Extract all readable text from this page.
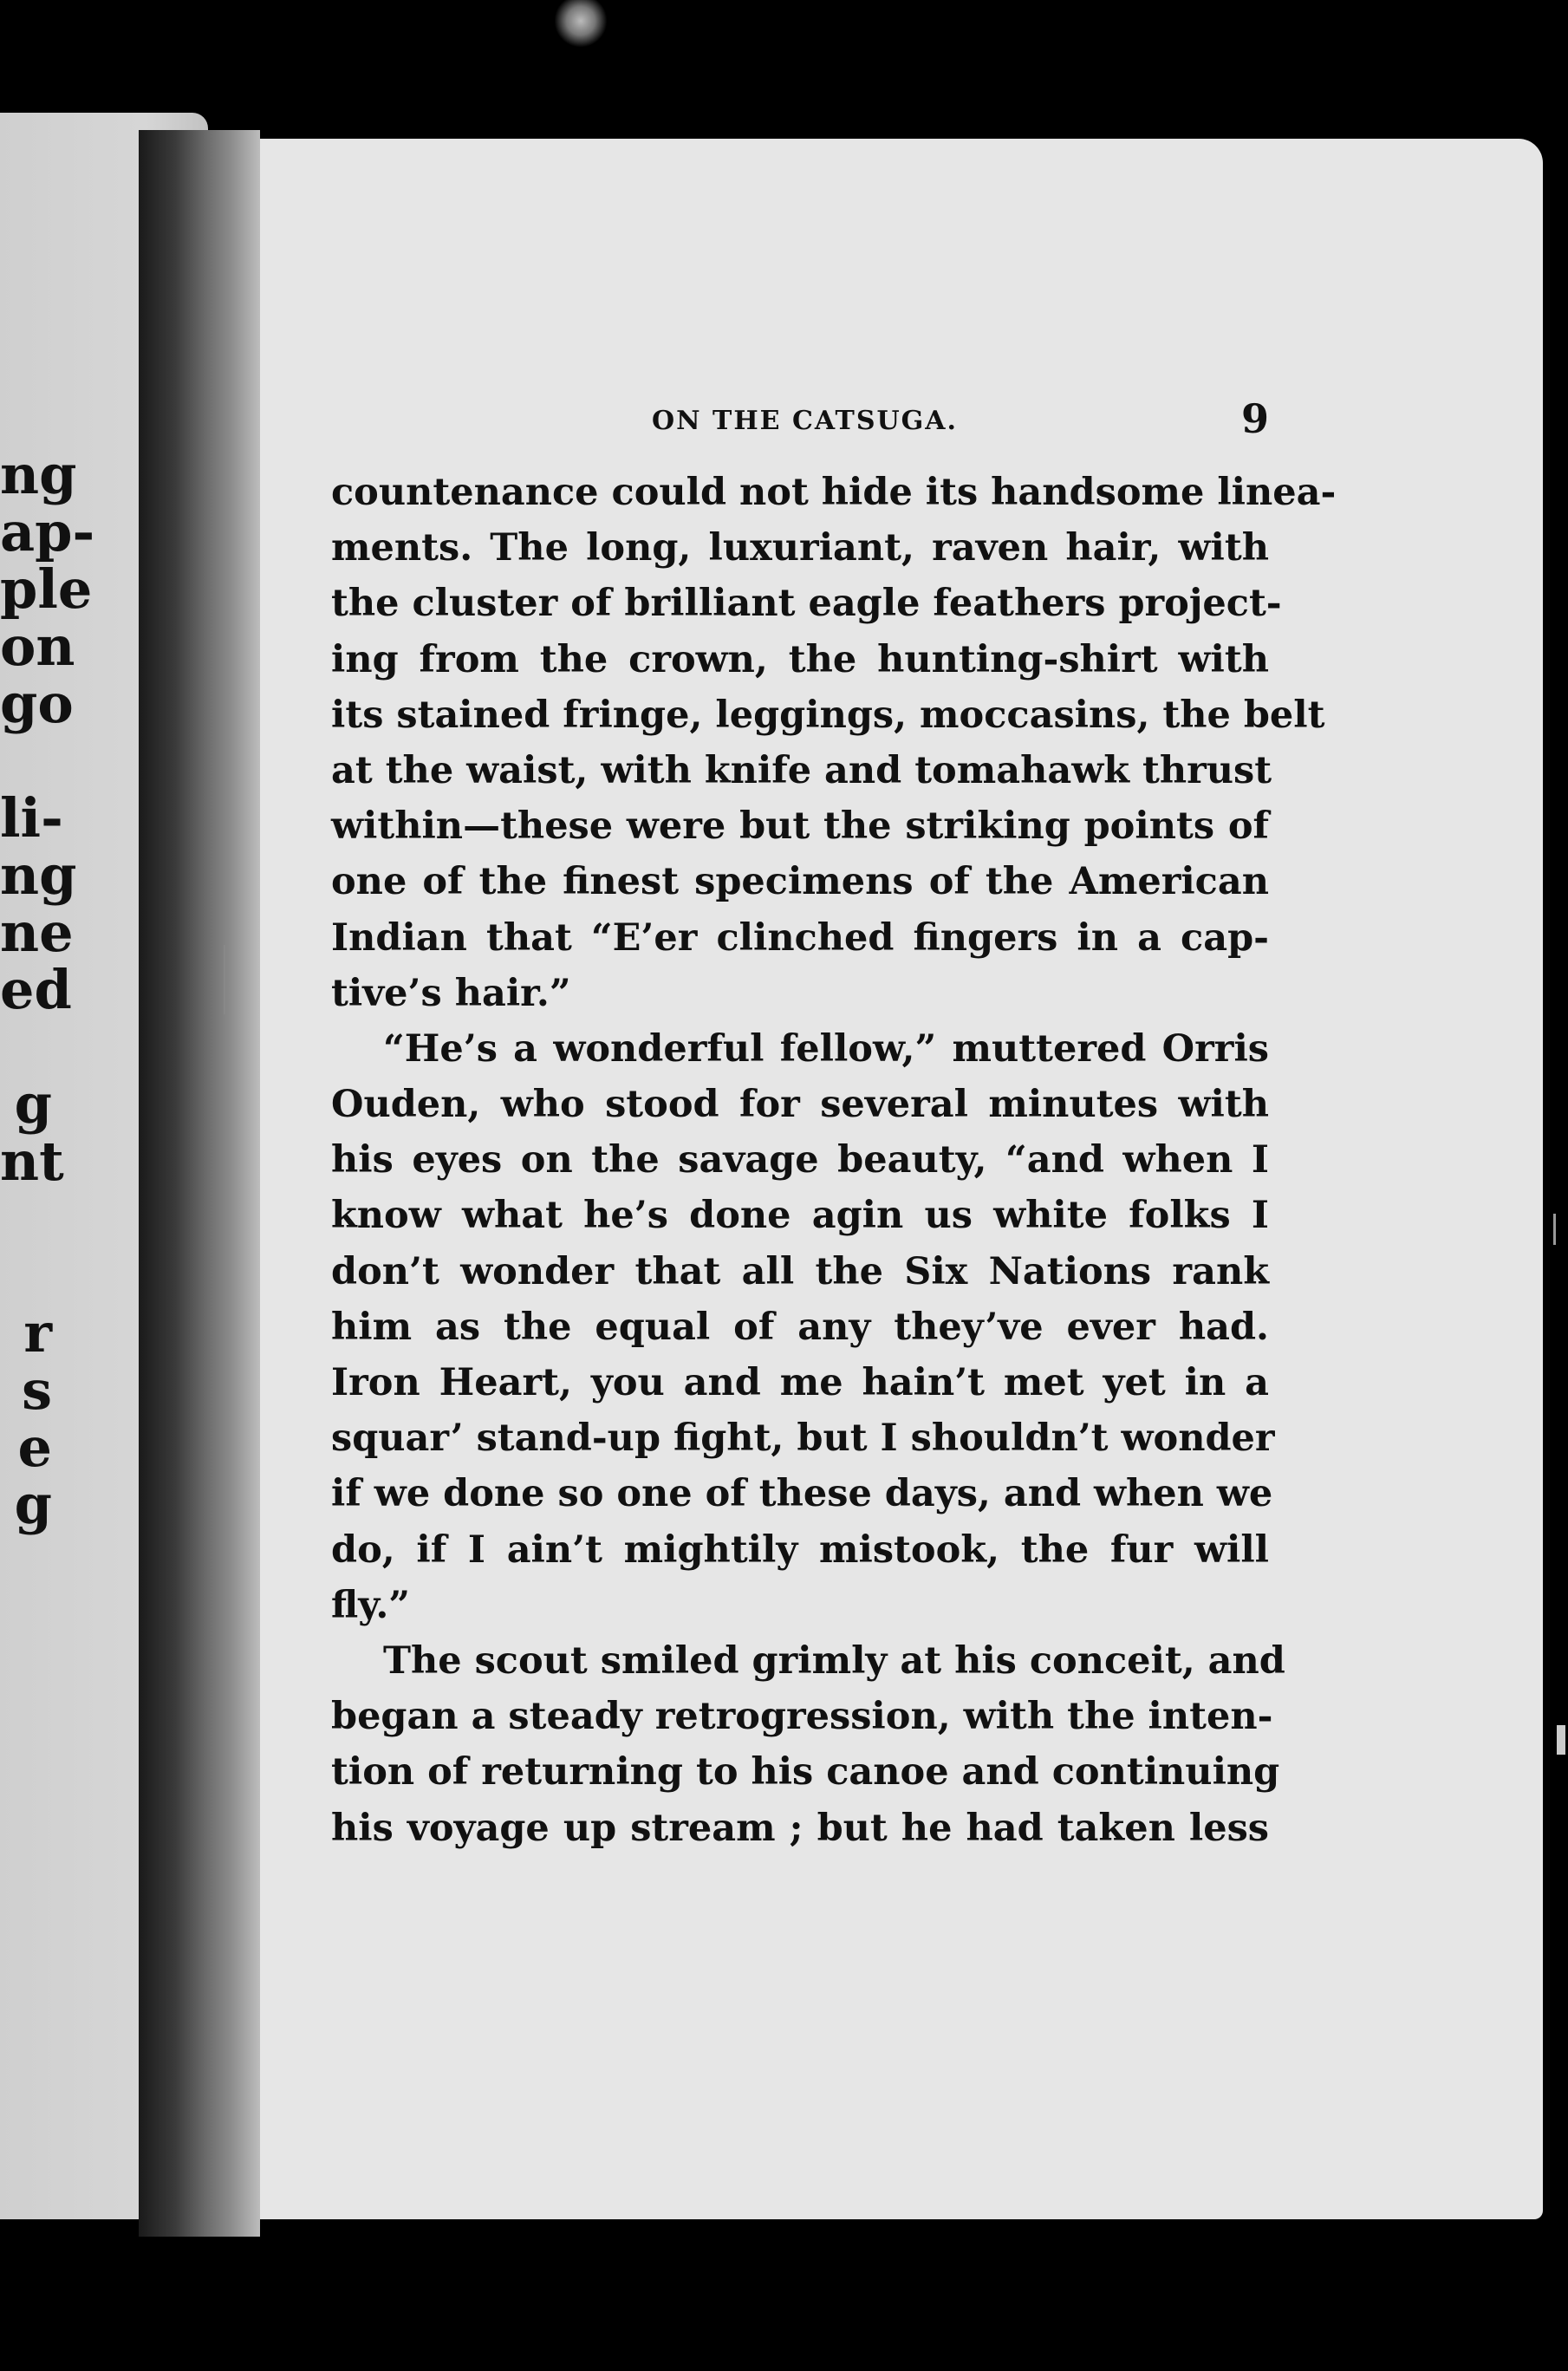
ng
ap-
ple
on
go
li-
ng
ne
ed
g
nt
r
s
e
g
ON THE CATSUGA.	9
countenance could not hide its handsome linea-
ments. The long, luxuriant, raven hair, with
the cluster of brilliant eagle feathers project-
ing from the crown, the hunting-shirt with
its stained fringe, leggings, moccasins, the belt
at the waist, with knife and tomahawk thrust
within—these were but the striking points of
one of the finest specimens of the American
Indian that “E’er clinched fingers in a cap-
tive’s hair.”
“He’s a wonderful fellow,” muttered Orris
Ouden, who stood for several minutes with
his eyes on the savage beauty, “and when I
know what he’s done agin us white folks I
don’t wonder that all the Six Nations rank
him as the equal of any they’ve ever had.
Iron Heart, you and me hain’t met yet in a
squar’ stand-up fight, but I shouldn’t wonder
if we done so one of these days, and when we
do, if I ain’t mightily mistook, the fur will
fly.”
The scout smiled grimly at his conceit, and
began a steady retrogression, with the inten-
tion of returning to his canoe and continuing
his voyage up stream ; but he had taken less
